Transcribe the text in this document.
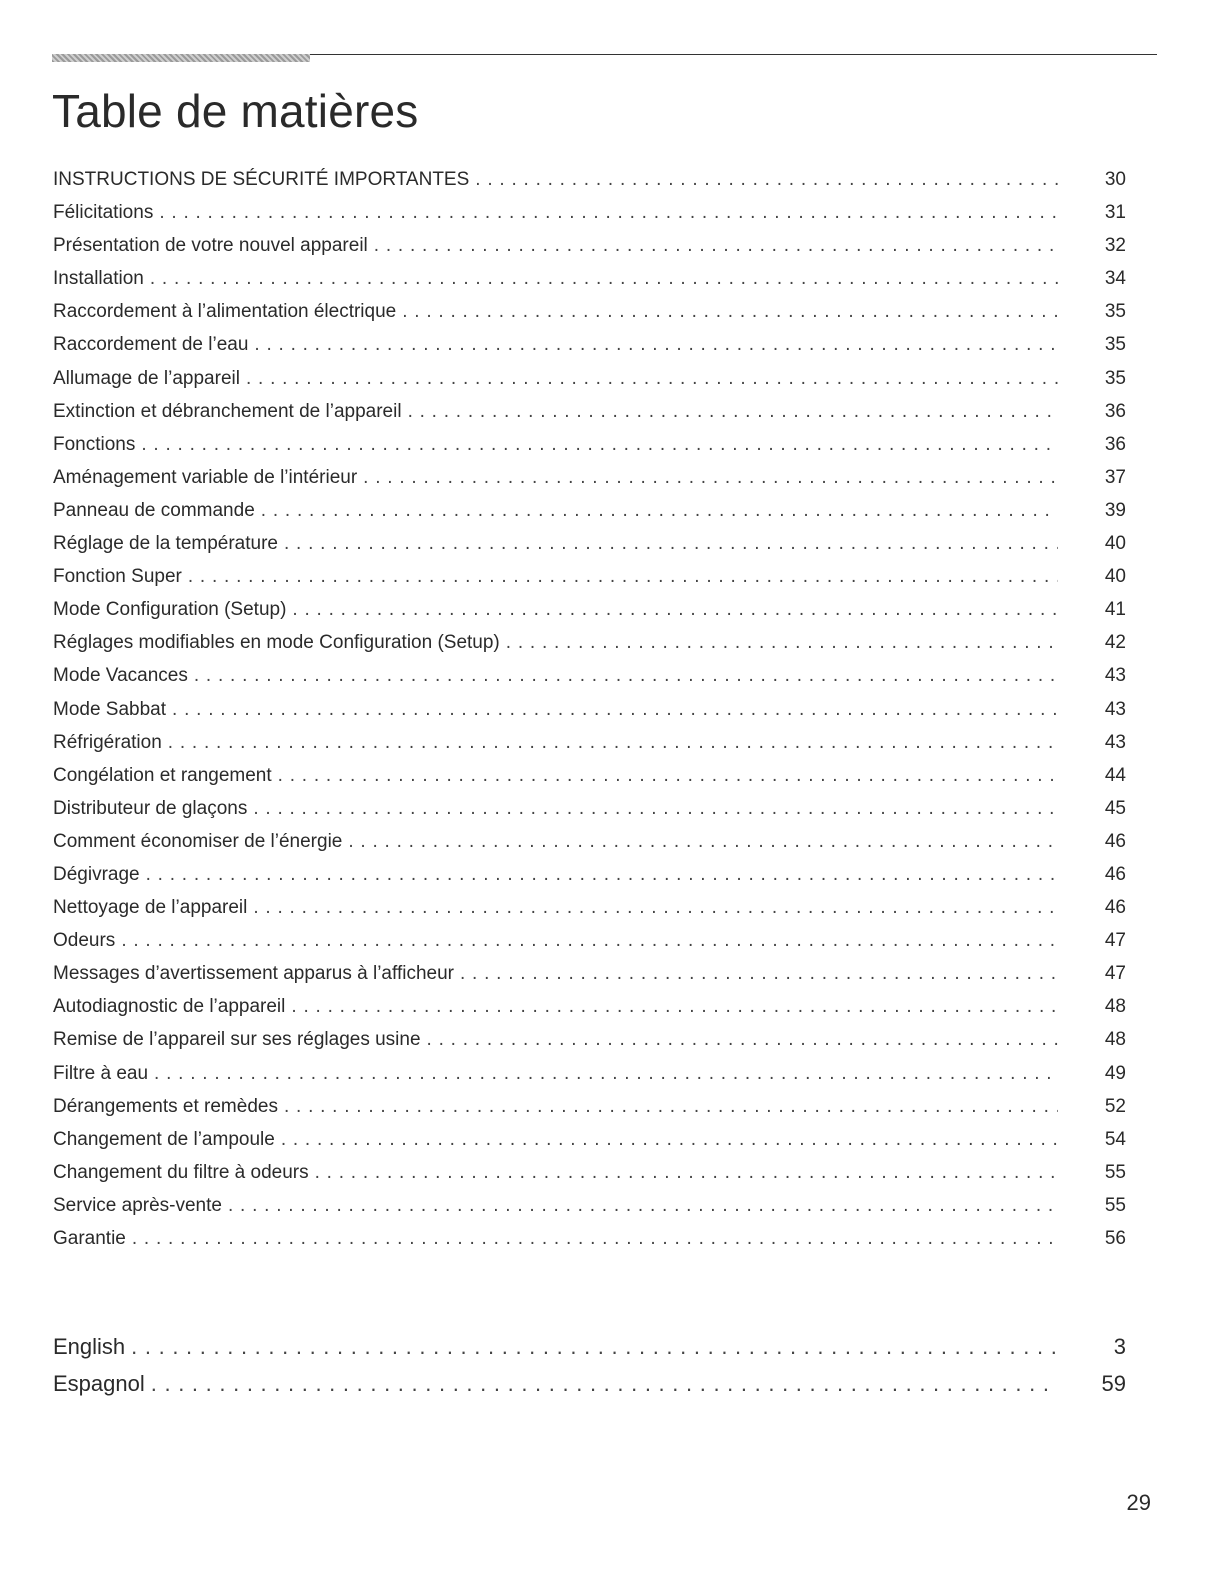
Table de matières
INSTRUCTIONS DE SÉCURITÉ IMPORTANTES . . .	30
Félicitations . . .	31
Présentation de votre nouvel appareil . . .	32
Installation . . .	34
Raccordement à l’alimentation électrique . . .	35
Raccordement de l’eau . . .	35
Allumage de l’appareil . . .	35
Extinction et débranchement de l’appareil . . .	36
Fonctions . . .	36
Aménagement variable de l’intérieur . . .	37
Panneau de commande . . .	39
Réglage de la température . . .	40
Fonction Super . . .	40
Mode Configuration (Setup) . . .	41
Réglages modifiables en mode Configuration (Setup) . . .	42
Mode Vacances . . .	43
Mode Sabbat . . .	43
Réfrigération . . .	43
Congélation et rangement . . .	44
Distributeur de glaçons . . .	45
Comment économiser de l’énergie . . .	46
Dégivrage . . .	46
Nettoyage de l’appareil . . .	46
Odeurs . . .	47
Messages d’avertissement apparus à l’afficheur . . .	47
Autodiagnostic de l’appareil . . .	48
Remise de l’appareil sur ses réglages usine . . .	48
Filtre à eau . . .	49
Dérangements et remèdes . . .	52
Changement de l’ampoule . . .	54
Changement du filtre à odeurs . . .	55
Service après-vente . . .	55
Garantie . . .	56
English . . .	3
Espagnol . . .	59
29
